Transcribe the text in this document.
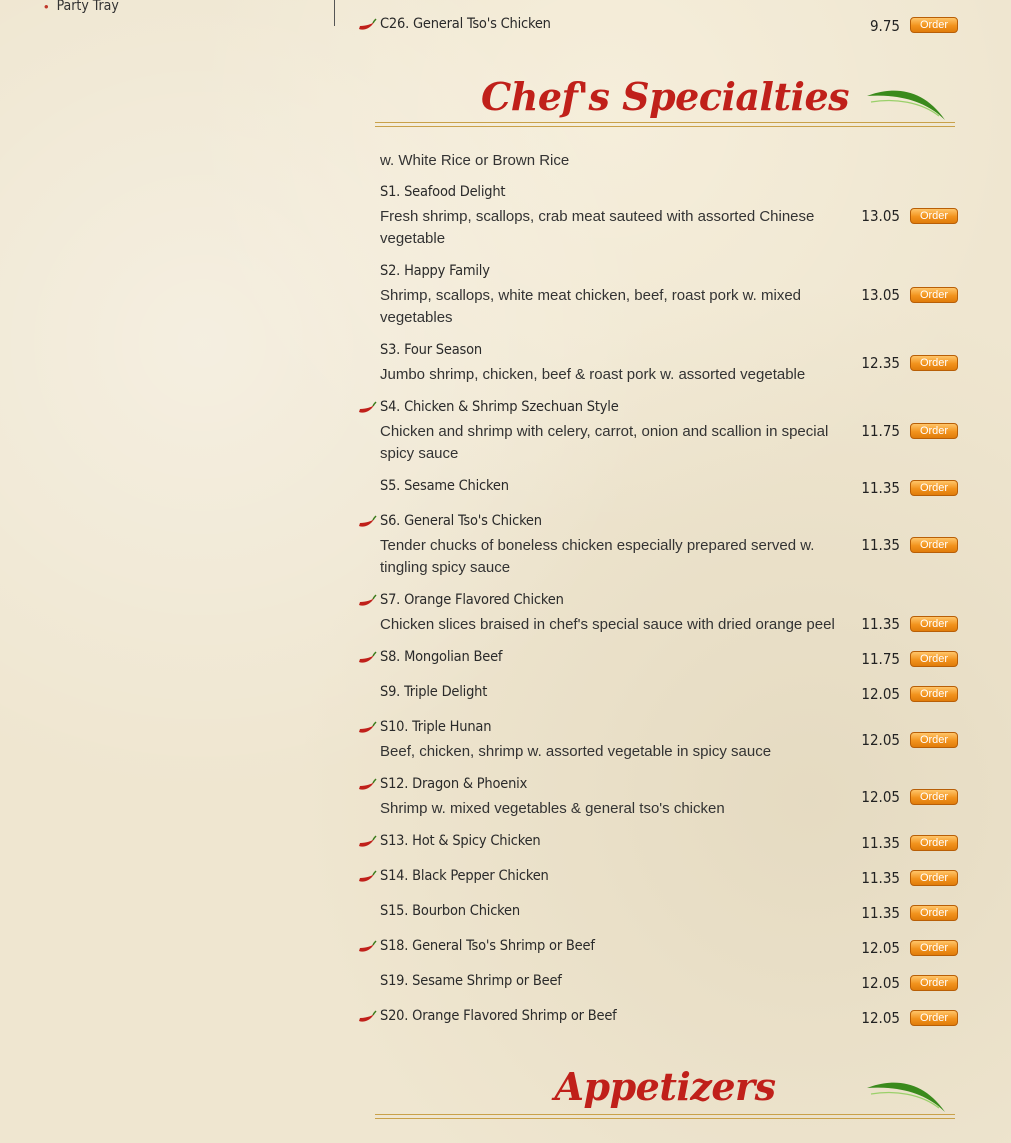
• Party Tray
C26. General Tso's Chicken	9.75	Order
Chef's Specialties
w. White Rice or Brown Rice
S1. Seafood Delight
Fresh shrimp, scallops, crab meat sauteed with assorted Chinese vegetable
13.05	Order
S2. Happy Family
Shrimp, scallops, white meat chicken, beef, roast pork w. mixed vegetables
13.05	Order
S3. Four Season
Jumbo shrimp, chicken, beef & roast pork w. assorted vegetable
12.35	Order
S4. Chicken & Shrimp Szechuan Style
Chicken and shrimp with celery, carrot, onion and scallion in special spicy sauce
11.75	Order
S5. Sesame Chicken	11.35	Order
S6. General Tso's Chicken
Tender chucks of boneless chicken especially prepared served w. tingling spicy sauce
11.35	Order
S7. Orange Flavored Chicken
Chicken slices braised in chef's special sauce with dried orange peel	11.35	Order
S8. Mongolian Beef	11.75	Order
S9. Triple Delight	12.05	Order
S10. Triple Hunan
Beef, chicken, shrimp w. assorted vegetable in spicy sauce
12.05	Order
S12. Dragon & Phoenix
Shrimp w. mixed vegetables & general tso's chicken
12.05	Order
S13. Hot & Spicy Chicken	11.35	Order
S14. Black Pepper Chicken	11.35	Order
S15. Bourbon Chicken	11.35	Order
S18. General Tso's Shrimp or Beef	12.05	Order
S19. Sesame Shrimp or Beef	12.05	Order
S20. Orange Flavored Shrimp or Beef	12.05	Order
Appetizers
